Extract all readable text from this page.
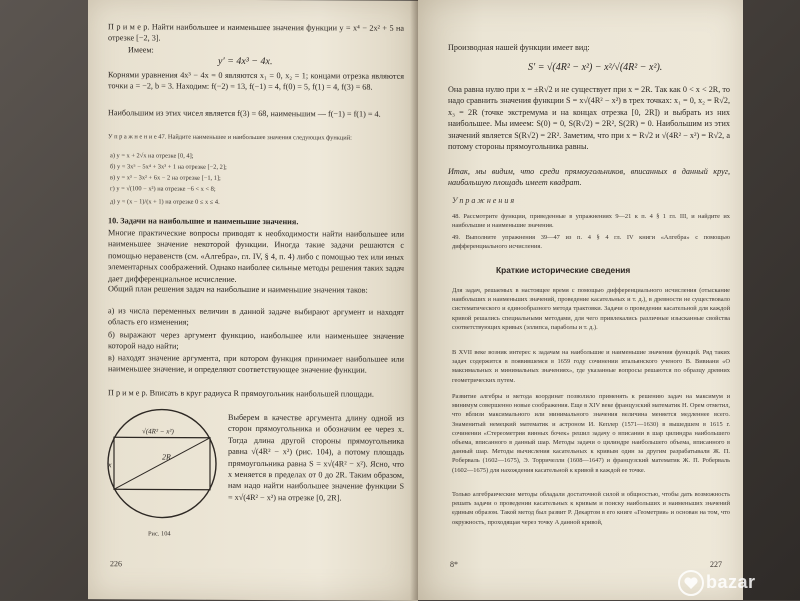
П р и м е р. Найти наибольшее и наименьшее значения функции y = x⁴ − 2x² + 5 на отрезке [−2, 3].
Имеем:
y′ = 4x³ − 4x.
Корнями уравнения 4x³ − 4x = 0 являются x₁ = 0, x₂ = 1; концами отрезка являются точки a = −2, b = 3. Находим: f(−2) = 13, f(−1) = 4, f(0) = 5, f(1) = 4, f(3) = 68.
Наибольшим из этих чисел является f(3) = 68, наименьшим — f(−1) = f(1) = 4.
У п р а ж н е н и е 47. Найдите наименьшее и наибольшее значения следующих функций:
а) y = x + 2√x на отрезке [0, 4];
б) y = 3x⁵ − 5x⁴ + 3x³ + 1 на отрезке [−2, 2];
в) y = x³ − 3x² + 6x − 2 на отрезке [−1, 1];
г) y = √(100 − x²) на отрезке −6 < x < 8;
д) y = (x − 1)/(x + 1) на отрезке 0 ≤ x ≤ 4.
10. Задачи на наибольшие и наименьшие значения.
Многие практические вопросы приводят к необходимости найти наибольшее или наименьшее значение некоторой функции. Иногда такие задачи решаются с помощью неравенств (см. «Алгебра», гл. IV, § 4, п. 4) либо с помощью тех или иных элементарных соображений. Однако наиболее сильные методы решения таких задач дает дифференциальное исчисление.
Общий план решения задач на наибольшие и наименьшие значения таков:
а) из числа переменных величин в данной задаче выбирают аргумент и находят область его изменения;
б) выражают через аргумент функцию, наибольшее или наименьшее значение которой надо найти;
в) находят значение аргумента, при котором функция принимает наибольшее или наименьшее значение, и определяют соответствующее значение функции.
П р и м е р. Вписать в круг радиуса R прямоугольник наибольшей площади.
√(4R² − x²)
2R
x
Рис. 104
Выберем в качестве аргумента длину одной из сторон прямоугольника и обозначим ее через x. Тогда длина другой стороны прямоугольника равна √(4R² − x²) (рис. 104), а потому площадь прямоугольника равна S = x√(4R² − x²). Ясно, что x меняется в пределах от 0 до 2R. Таким образом, нам надо найти наибольшее значение функции S = x√(4R² − x²) на отрезке [0, 2R].
226
Производная нашей функции имеет вид:
S′ = √(4R² − x²) − x²/√(4R² − x²).
Она равна нулю при x = ±R√2 и не существует при x = 2R. Так как 0 < x < 2R, то надо сравнить значения функции S = x√(4R² − x²) в трех точках: x₁ = 0, x₂ = R√2, x₃ = 2R (точке экстремума и на концах отрезка [0, 2R]) и выбрать из них наибольшее. Мы имеем: S(0) = 0, S(R√2) = 2R², S(2R) = 0. Наибольшим из этих значений является S(R√2) = 2R². Заметим, что при x = R√2 и √(4R² − x²) = R√2, а потому стороны прямоугольника равны.
Итак, мы видим, что среди прямоугольников, вписанных в данный круг, наибольшую площадь имеет квадрат.
У п р а ж н е н и я
48. Рассмотрите функции, приведенные в упражнениях 9—21 к п. 4 § 1 гл. III, и найдите их наибольшие и наименьшие значения.
49. Выполните упражнения 39—47 из п. 4 § 4 гл. IV книги «Алгебра» с помощью дифференциального исчисления.
Краткие исторические сведения
Для задач, решаемых в настоящее время с помощью дифференциального исчисления (отыскание наибольших и наименьших значений, проведение касательных и т. д.), в древности не существовало систематического и единообразного метода трактовки. Задачи о проведении касательной для каждой кривой решались специальными методами, для чего привлекались различные изысканные свойства соответствующих кривых (эллипса, параболы и т. д.).
В XVII веке возник интерес к задачам на наибольшие и наименьшие значения функций. Ряд таких задач содержится в появившемся в 1659 году сочинении итальянского ученого В. Вивиани «О максимальных и минимальных значениях», где указанные вопросы решаются по образцу древних геометрических путем.
Развитие алгебры и метода координат позволило применять к решению задач на максимум и минимум совершенно новые соображения. Еще в XIV веке французский математик Н. Орем отметил, что вблизи максимального или минимального значения величина меняется медленнее всего. Знаменитый немецкий математик и астроном И. Кеплер (1571—1630) в вышедшем в 1615 г. сочинении «Стереометрия винных бочек» решил задачу о вписании в шар цилиндра наибольшего объема, вписанного в данный шар. Методы задачи о цилиндре наибольшего объема, вписанного в данный шар. Методы вычисления касательных к кривым один за другим разрабатывали Ж. П. Роберваль (1602—1675), Э. Торричелли (1608—1647) и французский математик Ж. П. Роберваль (1602—1675) для нахождения касательной к кривой в каждой ее точке.
Только алгебраические методы обладали достаточной силой и общностью, чтобы дать возможность решать задачи о проведении касательных к кривым и поиску наибольших и наименьших значений единым образом. Такой метод был развит Р. Декартом в его книге «Геометрия» и основан на том, что окружность, проходящая через точку A данной кривой,
8*	227
bazar
